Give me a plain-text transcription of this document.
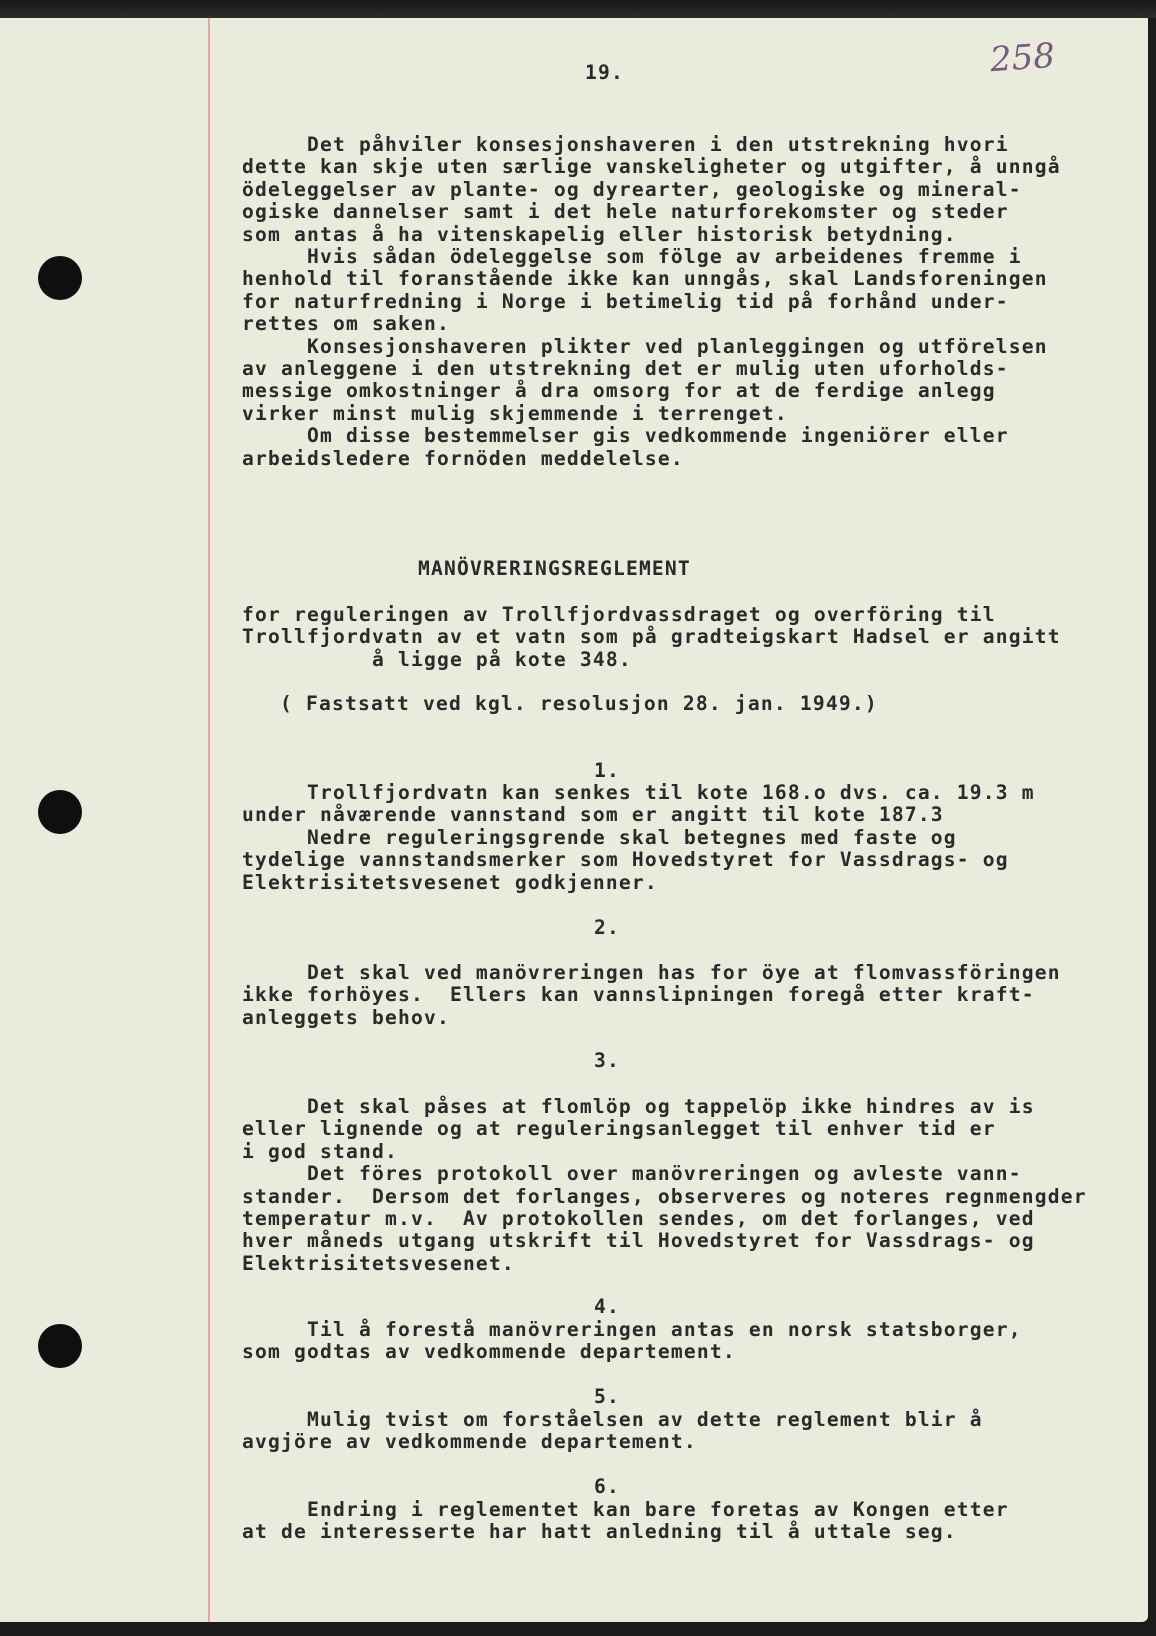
258
19.
Det påhviler konsesjonshaveren i den utstrekning hvori
dette kan skje uten særlige vanskeligheter og utgifter, å unngå
ödeleggelser av plante- og dyrearter, geologiske og mineral-
ogiske dannelser samt i det hele naturforekomster og steder
som antas å ha vitenskapelig eller historisk betydning.
Hvis sådan ödeleggelse som fölge av arbeidenes fremme i
henhold til foranstående ikke kan unngås, skal Landsforeningen
for naturfredning i Norge i betimelig tid på forhånd under-
rettes om saken.
Konsesjonshaveren plikter ved planleggingen og utförelsen
av anleggene i den utstrekning det er mulig uten uforholds-
messige omkostninger å dra omsorg for at de ferdige anlegg
virker minst mulig skjemmende i terrenget.
Om disse bestemmelser gis vedkommende ingeniörer eller
arbeidsledere fornöden meddelelse.
MANÖVRERINGSREGLEMENT
for reguleringen av Trollfjordvassdraget og overföring til
Trollfjordvatn av et vatn som på gradteigskart Hadsel er angitt
å ligge på kote 348.
( Fastsatt ved kgl. resolusjon 28. jan. 1949.)
1.
Trollfjordvatn kan senkes til kote 168.o dvs. ca. 19.3 m
under nåværende vannstand som er angitt til kote 187.3
Nedre reguleringsgrende skal betegnes med faste og
tydelige vannstandsmerker som Hovedstyret for Vassdrags- og
Elektrisitetsvesenet godkjenner.
2.
Det skal ved manövreringen has for öye at flomvassföringen
ikke forhöyes.  Ellers kan vannslipningen foregå etter kraft-
anleggets behov.
3.
Det skal påses at flomlöp og tappelöp ikke hindres av is
eller lignende og at reguleringsanlegget til enhver tid er
i god stand.
Det föres protokoll over manövreringen og avleste vann-
stander.  Dersom det forlanges, observeres og noteres regnmengder
temperatur m.v.  Av protokollen sendes, om det forlanges, ved
hver måneds utgang utskrift til Hovedstyret for Vassdrags- og
Elektrisitetsvesenet.
4.
Til å forestå manövreringen antas en norsk statsborger,
som godtas av vedkommende departement.
5.
Mulig tvist om forståelsen av dette reglement blir å
avgjöre av vedkommende departement.
6.
Endring i reglementet kan bare foretas av Kongen etter
at de interesserte har hatt anledning til å uttale seg.
